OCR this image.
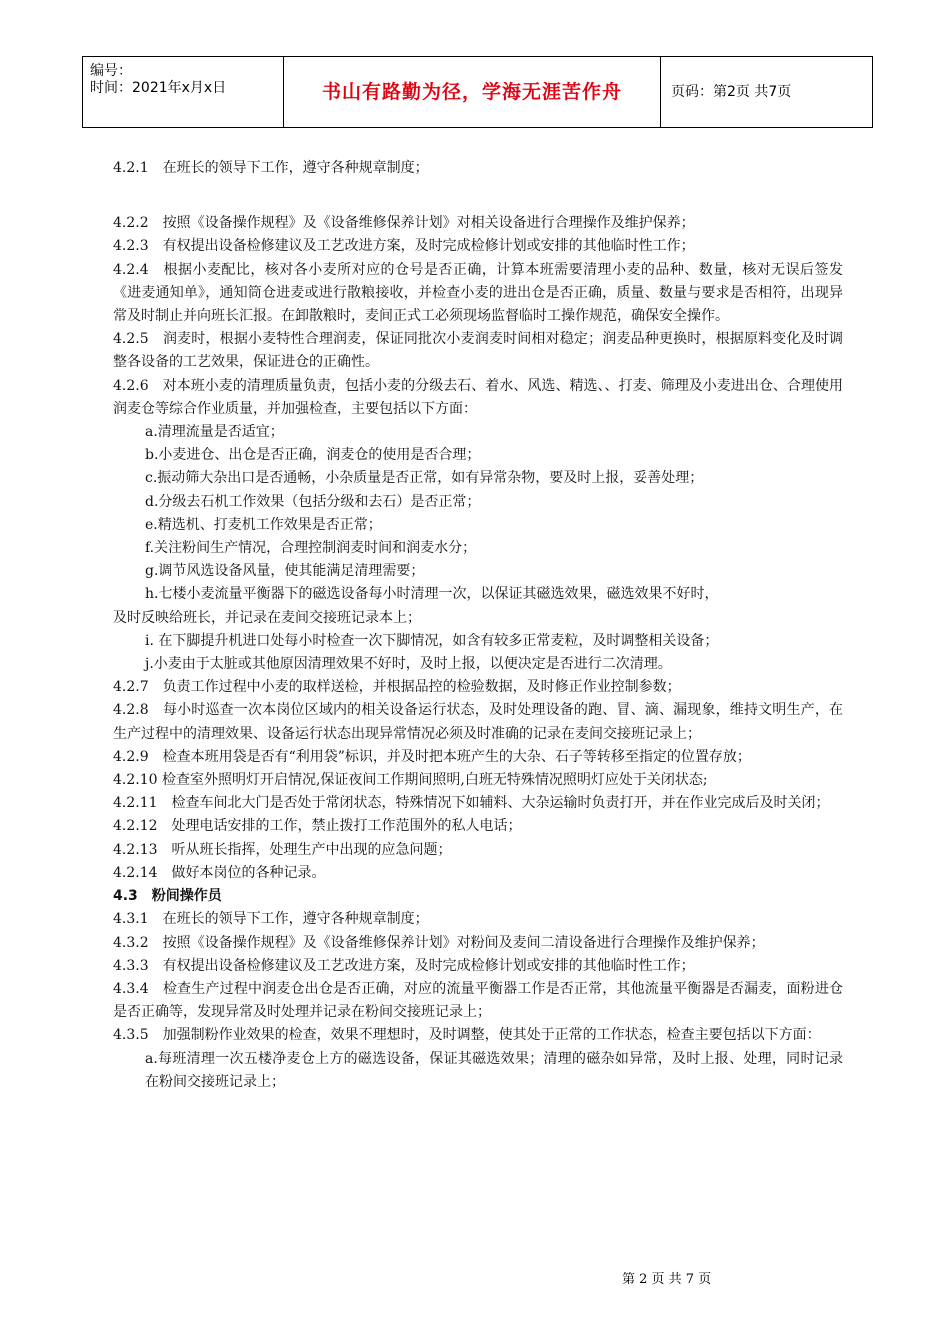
编号：
时间：2021年x月x日	书山有路勤为径，学海无涯苦作舟	页码：第2页 共7页
4.2.1　在班长的领导下工作，遵守各种规章制度；
4.2.2　按照《设备操作规程》及《设备维修保养计划》对相关设备进行合理操作及维护保养；
4.2.3　有权提出设备检修建议及工艺改进方案，及时完成检修计划或安排的其他临时性工作；
4.2.4　根据小麦配比，核对各小麦所对应的仓号是否正确，计算本班需要清理小麦的品种、数量，核对无误后签发《进麦通知单》，通知筒仓进麦或进行散粮接收，并检查小麦的进出仓是否正确，质量、数量与要求是否相符，出现异常及时制止并向班长汇报。在卸散粮时，麦间正式工必须现场监督临时工操作规范，确保安全操作。
4.2.5　润麦时，根据小麦特性合理润麦，保证同批次小麦润麦时间相对稳定；润麦品种更换时，根据原料变化及时调整各设备的工艺效果，保证进仓的正确性。
4.2.6　对本班小麦的清理质量负责，包括小麦的分级去石、着水、风选、精选、、打麦、筛理及小麦进出仓、合理使用润麦仓等综合作业质量，并加强检查，主要包括以下方面：
a.清理流量是否适宜；
b.小麦进仓、出仓是否正确，润麦仓的使用是否合理；
c.振动筛大杂出口是否通畅，小杂质量是否正常，如有异常杂物，要及时上报，妥善处理；
d.分级去石机工作效果（包括分级和去石）是否正常；
e.精选机、打麦机工作效果是否正常；
f.关注粉间生产情况，合理控制润麦时间和润麦水分；
g.调节风选设备风量，使其能满足清理需要；
h.七楼小麦流量平衡器下的磁选设备每小时清理一次，以保证其磁选效果，磁选效果不好时，
及时反映给班长，并记录在麦间交接班记录本上；
i. 在下脚提升机进口处每小时检查一次下脚情况，如含有较多正常麦粒，及时调整相关设备；
j.小麦由于太脏或其他原因清理效果不好时，及时上报，以便决定是否进行二次清理。
4.2.7　负责工作过程中小麦的取样送检，并根据品控的检验数据，及时修正作业控制参数；
4.2.8　每小时巡查一次本岗位区域内的相关设备运行状态，及时处理设备的跑、冒、滴、漏现象，维持文明生产，在生产过程中的清理效果、设备运行状态出现异常情况必须及时准确的记录在麦间交接班记录上；
4.2.9　检查本班用袋是否有“利用袋”标识，并及时把本班产生的大杂、石子等转移至指定的位置存放；
4.2.10 检查室外照明灯开启情况,保证夜间工作期间照明,白班无特殊情况照明灯应处于关闭状态;
4.2.11　检查车间北大门是否处于常闭状态，特殊情况下如辅料、大杂运输时负责打开，并在作业完成后及时关闭；
4.2.12　处理电话安排的工作，禁止拨打工作范围外的私人电话；
4.2.13　听从班长指挥，处理生产中出现的应急问题；
4.2.14　做好本岗位的各种记录。
4.3　粉间操作员
4.3.1　在班长的领导下工作，遵守各种规章制度；
4.3.2　按照《设备操作规程》及《设备维修保养计划》对粉间及麦间二清设备进行合理操作及维护保养；
4.3.3　有权提出设备检修建议及工艺改进方案，及时完成检修计划或安排的其他临时性工作；
4.3.4　检查生产过程中润麦仓出仓是否正确，对应的流量平衡器工作是否正常，其他流量平衡器是否漏麦，面粉进仓是否正确等，发现异常及时处理并记录在粉间交接班记录上；
4.3.5　加强制粉作业效果的检查，效果不理想时，及时调整，使其处于正常的工作状态，检查主要包括以下方面：
a.每班清理一次五楼净麦仓上方的磁选设备，保证其磁选效果；清理的磁杂如异常，及时上报、处理，同时记录在粉间交接班记录上；
第 2 页 共 7 页
